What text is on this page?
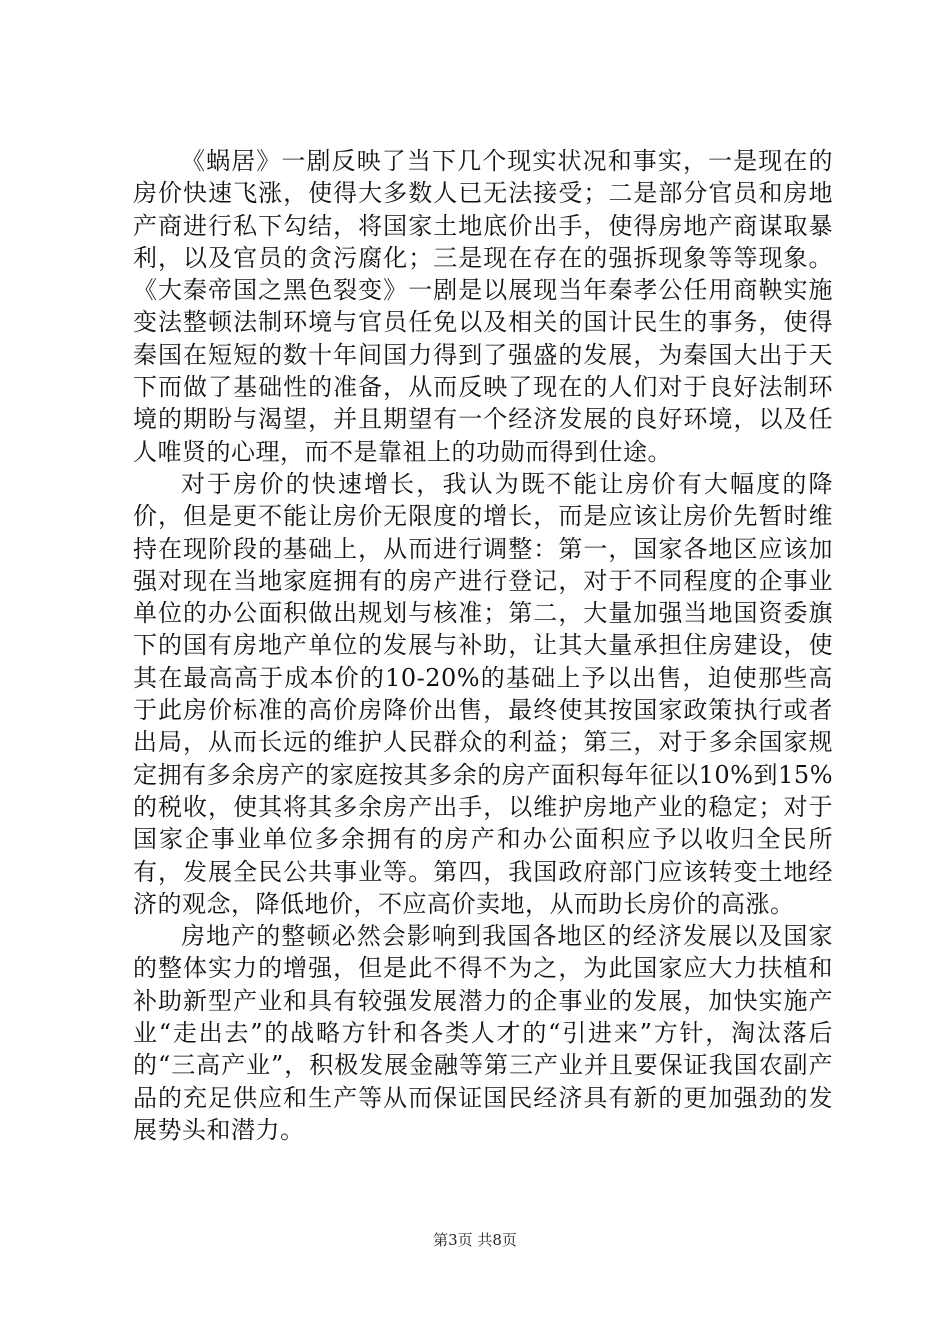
《蜗居》一剧反映了当下几个现实状况和事实，一是现在的房价快速飞涨，使得大多数人已无法接受；二是部分官员和房地产商进行私下勾结，将国家土地底价出手，使得房地产商谋取暴利，以及官员的贪污腐化；三是现在存在的强拆现象等等现象。《大秦帝国之黑色裂变》一剧是以展现当年秦孝公任用商鞅实施变法整顿法制环境与官员任免以及相关的国计民生的事务，使得秦国在短短的数十年间国力得到了强盛的发展，为秦国大出于天下而做了基础性的准备，从而反映了现在的人们对于良好法制环境的期盼与渴望，并且期望有一个经济发展的良好环境，以及任人唯贤的心理，而不是靠祖上的功勋而得到仕途。

对于房价的快速增长，我认为既不能让房价有大幅度的降价，但是更不能让房价无限度的增长，而是应该让房价先暂时维持在现阶段的基础上，从而进行调整：第一，国家各地区应该加强对现在当地家庭拥有的房产进行登记，对于不同程度的企事业单位的办公面积做出规划与核准；第二，大量加强当地国资委旗下的国有房地产单位的发展与补助，让其大量承担住房建设，使其在最高高于成本价的10-20%的基础上予以出售，迫使那些高于此房价标准的高价房降价出售，最终使其按国家政策执行或者出局，从而长远的维护人民群众的利益；第三，对于多余国家规定拥有多余房产的家庭按其多余的房产面积每年征以10%到15%的税收，使其将其多余房产出手，以维护房地产业的稳定；对于国家企事业单位多余拥有的房产和办公面积应予以收归全民所有，发展全民公共事业等。第四，我国政府部门应该转变土地经济的观念，降低地价，不应高价卖地，从而助长房价的高涨。

房地产的整顿必然会影响到我国各地区的经济发展以及国家的整体实力的增强，但是此不得不为之，为此国家应大力扶植和补助新型产业和具有较强发展潜力的企事业的发展，加快实施产业“走出去”的战略方针和各类人才的“引进来”方针，淘汰落后的“三高产业”，积极发展金融等第三产业并且要保证我国农副产品的充足供应和生产等从而保证国民经济具有新的更加强劲的发展势头和潜力。

第3页 共8页
